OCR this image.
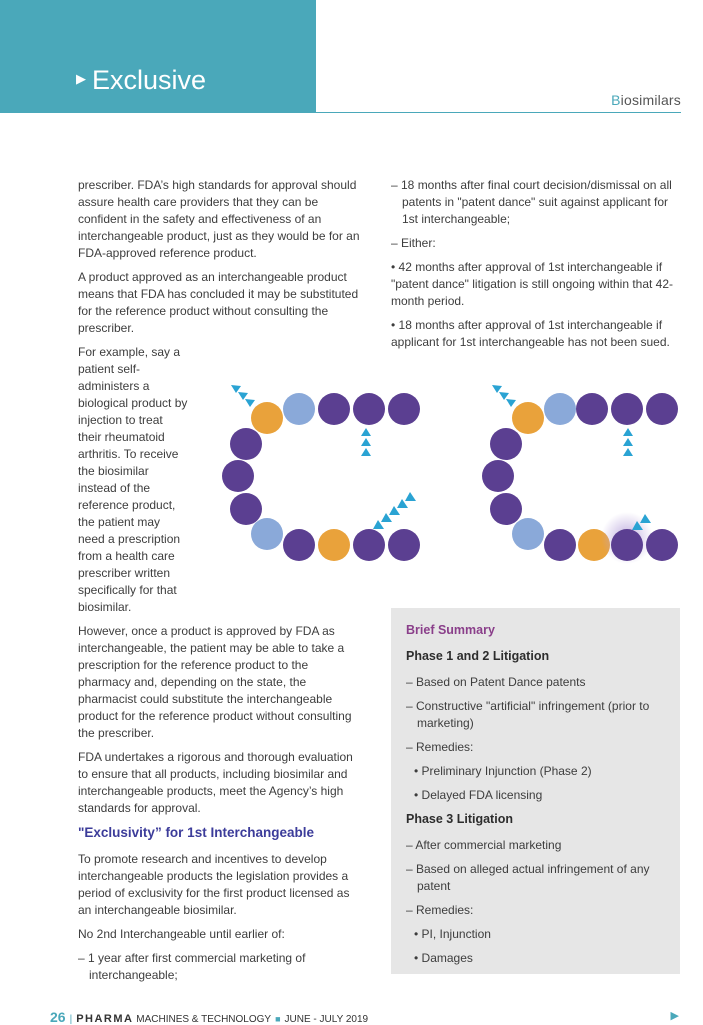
▶ Exclusive
Biosimilars

prescriber. FDA’s high standards for approval should assure health care providers that they can be confident in the safety and effectiveness of an interchangeable product, just as they would be for an FDA-approved reference product.

A product approved as an interchangeable product means that FDA has concluded it may be substituted for the reference product without consulting the prescriber.

For example, say a patient self-administers a biological product by injection to treat their rheumatoid arthritis. To receive the biosimilar instead of the reference product, the patient may need a prescription from a health care prescriber written specifically for that biosimilar.

However, once a product is approved by FDA as interchangeable, the patient may be able to take a prescription for the reference product to the pharmacy and, depending on the state, the pharmacist could substitute the interchangeable product for the reference product without consulting the prescriber.

FDA undertakes a rigorous and thorough evaluation to ensure that all products, including biosimilar and interchangeable products, meet the Agency’s high standards for approval.

"Exclusivity” for 1st Interchangeable

To promote research and incentives to develop interchangeable products the legislation provides a period of exclusivity for the first product licensed as an interchangeable biosimilar.

No 2nd Interchangeable until earlier of:

– 1 year after first commercial marketing of interchangeable;

– 18 months after final court decision/dismissal on all patents in "patent dance" suit against applicant for 1st interchangeable;

– Either:

• 42 months after approval of 1st interchangeable if "patent dance" litigation is still ongoing within that 42-month period.

• 18 months after approval of 1st interchangeable if applicant for 1st interchangeable has not been sued.

Brief Summary

Phase 1 and 2 Litigation

– Based on Patent Dance patents

– Constructive "artificial" infringement (prior to marketing)

– Remedies:

• Preliminary Injunction (Phase 2)

• Delayed FDA licensing

Phase 3 Litigation

– After commercial marketing

– Based on alleged actual infringement of any patent

– Remedies:

• PI, Injunction

• Damages

26 | PHARMA MACHINES & TECHNOLOGY ■ JUNE - JULY 2019	▶
